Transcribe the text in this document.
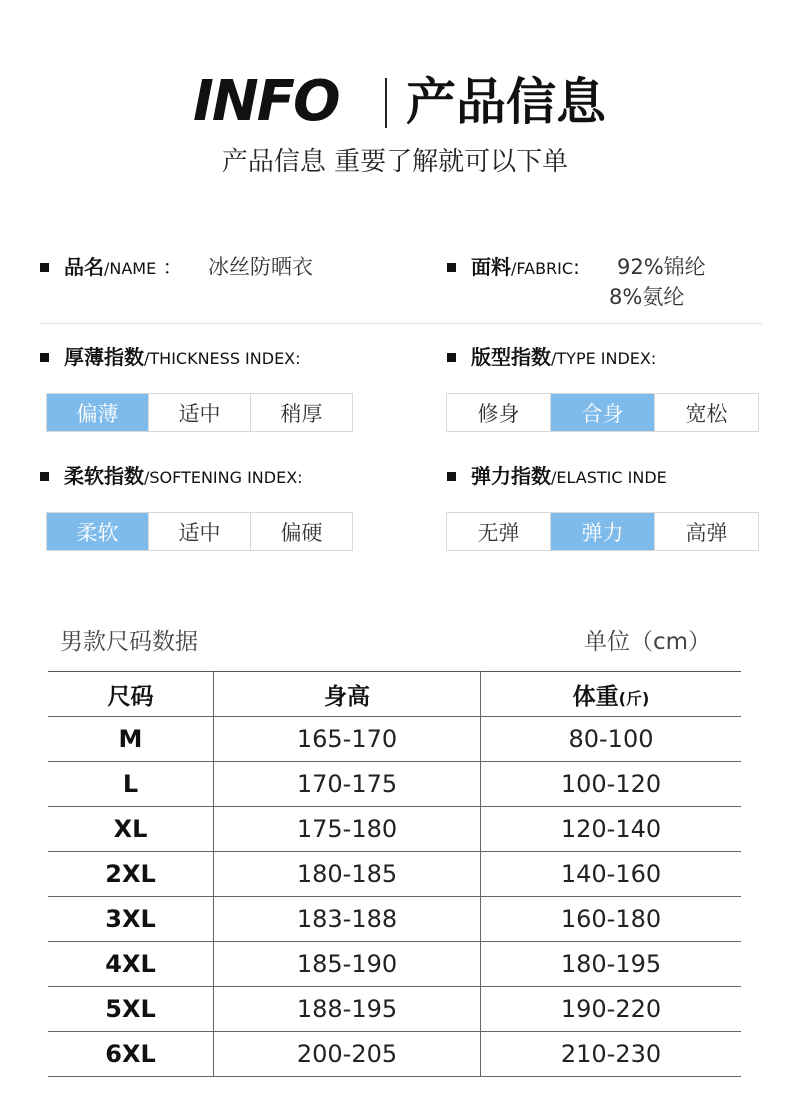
INFO 产品信息
产品信息 重要了解就可以下单
品名/NAME ： 冰丝防晒衣	面料/FABRIC: 92%锦纶
8%氨纶
厚薄指数/THICKNESS INDEX:
偏薄	适中	稍厚
版型指数/TYPE INDEX:
修身	合身	宽松
柔软指数/SOFTENING INDEX:
柔软	适中	偏硬
弹力指数/ELASTIC INDE
无弹	弹力	高弹
男款尺码数据	单位（cm）
尺码	身高	体重(斤)
M	165-170	80-100
L	170-175	100-120
XL	175-180	120-140
2XL	180-185	140-160
3XL	183-188	160-180
4XL	185-190	180-195
5XL	188-195	190-220
6XL	200-205	210-230
